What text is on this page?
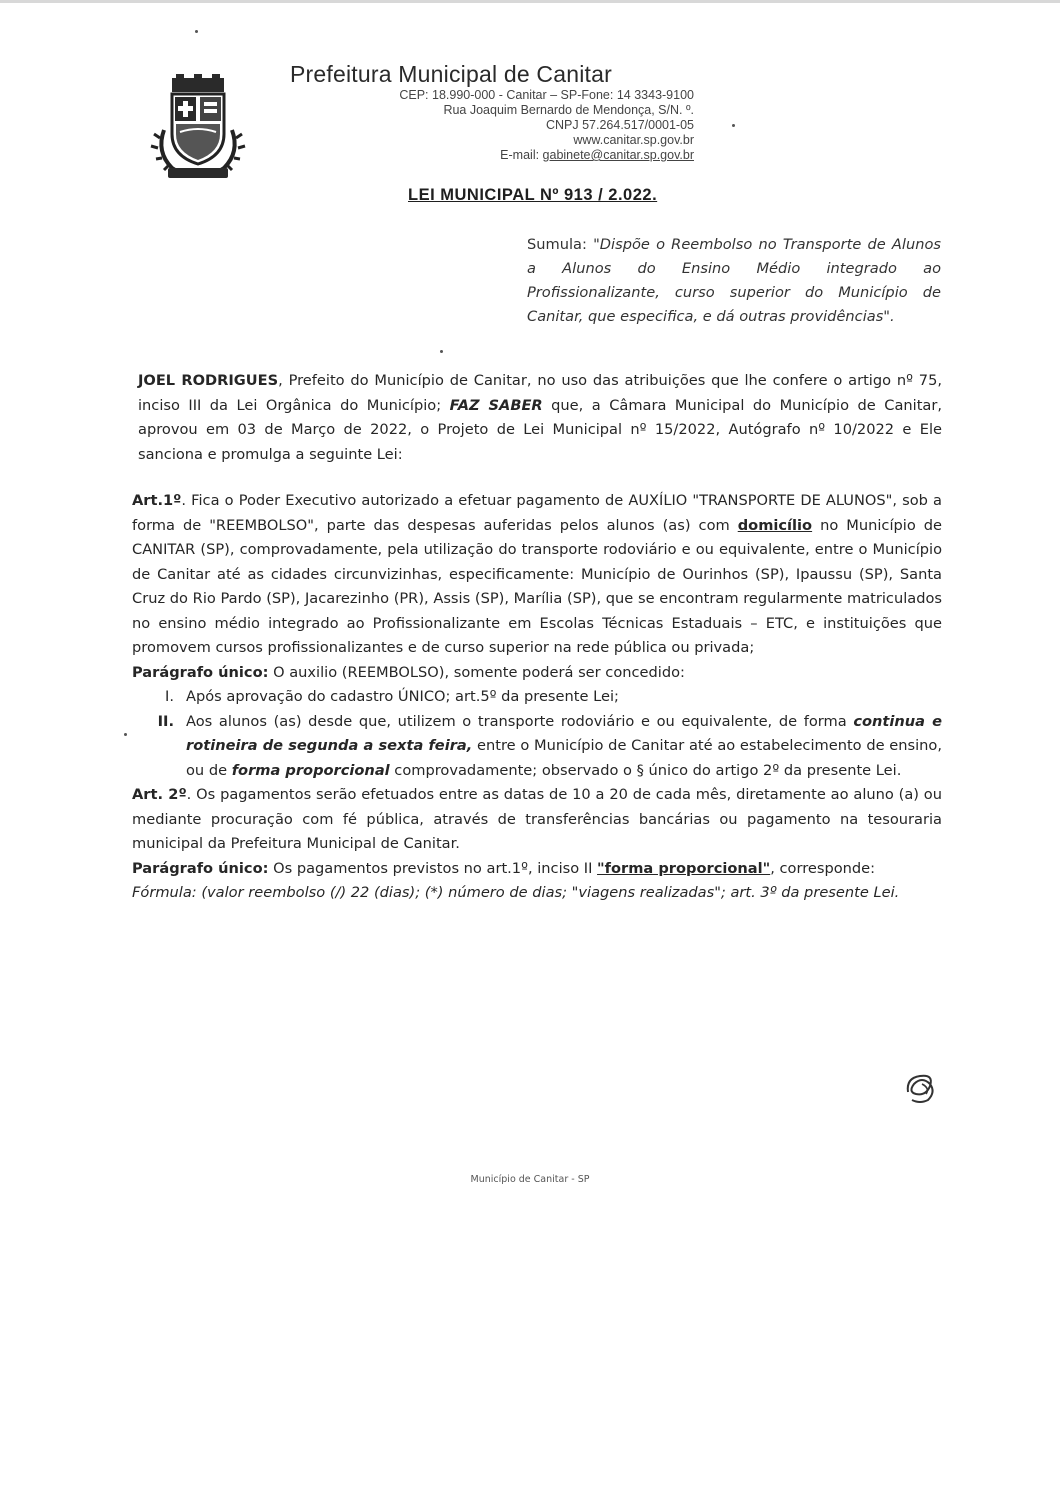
Prefeitura Municipal de Canitar
CEP: 18.990-000 - Canitar – SP-Fone: 14 3343-9100
Rua Joaquim Bernardo de Mendonça, S/N. º.
CNPJ 57.264.517/0001-05
www.canitar.sp.gov.br
E-mail: gabinete@canitar.sp.gov.br
LEI MUNICIPAL Nº 913 / 2.022.
Sumula: "Dispõe o Reembolso no Transporte de Alunos a Alunos do Ensino Médio integrado ao Profissionalizante, curso superior do Município de Canitar, que especifica, e dá outras providências".
JOEL RODRIGUES, Prefeito do Município de Canitar, no uso das atribuições que lhe confere o artigo nº 75, inciso III da Lei Orgânica do Município; FAZ SABER que, a Câmara Municipal do Município de Canitar, aprovou em 03 de Março de 2022, o Projeto de Lei Municipal nº 15/2022, Autógrafo nº 10/2022 e Ele sanciona e promulga a seguinte Lei:
Art.1º. Fica o Poder Executivo autorizado a efetuar pagamento de AUXÍLIO "TRANSPORTE DE ALUNOS", sob a forma de "REEMBOLSO", parte das despesas auferidas pelos alunos (as) com domicílio no Município de CANITAR (SP), comprovadamente, pela utilização do transporte rodoviário e ou equivalente, entre o Município de Canitar até as cidades circunvizinhas, especificamente: Município de Ourinhos (SP), Ipaussu (SP), Santa Cruz do Rio Pardo (SP), Jacarezinho (PR), Assis (SP), Marília (SP), que se encontram regularmente matriculados no ensino médio integrado ao Profissionalizante em Escolas Técnicas Estaduais – ETC, e instituições que promovem cursos profissionalizantes e de curso superior na rede pública ou privada;
Parágrafo único: O auxilio (REEMBOLSO), somente poderá ser concedido:
I. Após aprovação do cadastro ÚNICO; art.5º da presente Lei;
II. Aos alunos (as) desde que, utilizem o transporte rodoviário e ou equivalente, de forma continua e rotineira de segunda a sexta feira, entre o Município de Canitar até ao estabelecimento de ensino, ou de forma proporcional comprovadamente; observado o § único do artigo 2º da presente Lei.
Art. 2º. Os pagamentos serão efetuados entre as datas de 10 a 20 de cada mês, diretamente ao aluno (a) ou mediante procuração com fé pública, através de transferências bancárias ou pagamento na tesouraria municipal da Prefeitura Municipal de Canitar.
Parágrafo único: Os pagamentos previstos no art.1º, inciso II "forma proporcional", corresponde:
Fórmula: (valor reembolso (/) 22 (dias); (*) número de dias; "viagens realizadas"; art. 3º da presente Lei.
Município de Canitar - SP
